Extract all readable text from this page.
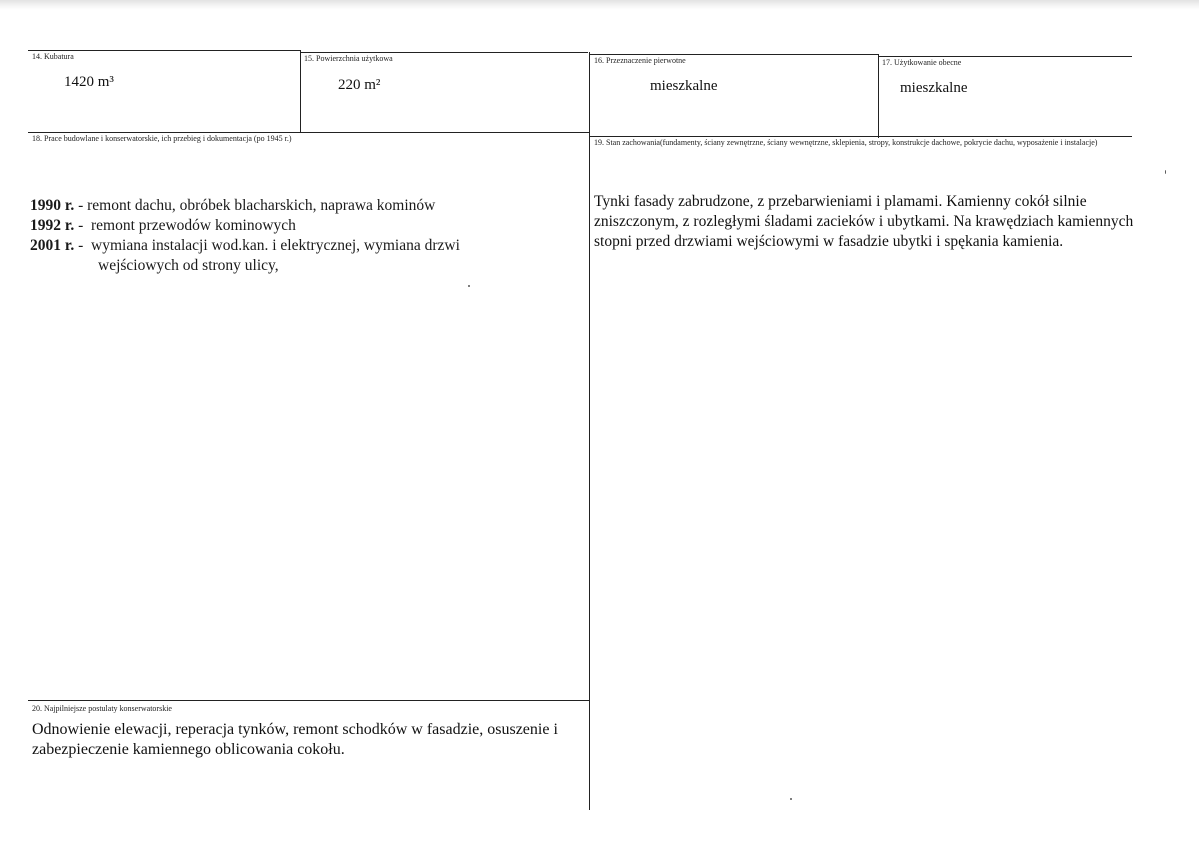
14. Kubatura
1420 m³
15. Powierzchnia użytkowa
220 m²
16. Przeznaczenie pierwotne
mieszkalne
17. Użytkowanie obecne
mieszkalne
18. Prace budowlane i konserwatorskie, ich przebieg i dokumentacja (po 1945 r.)
1990 r. - remont dachu, obróbek blacharskich, naprawa kominów
1992 r. - remont przewodów kominowych
2001 r. - wymiana instalacji wod.kan. i elektrycznej, wymiana drzwi
wejściowych od strony ulicy,
19. Stan zachowania(fundamenty, ściany zewnętrzne, ściany wewnętrzne, sklepienia, stropy, konstrukcje dachowe, pokrycie dachu, wyposażenie i instalacje)
Tynki fasady zabrudzone, z przebarwieniami i plamami. Kamienny cokół silnie zniszczonym, z rozległymi śladami zacieków i ubytkami. Na krawędziach kamiennych stopni przed drzwiami wejściowymi w fasadzie ubytki i spękania kamienia.
20. Najpilniejsze postulaty konserwatorskie
Odnowienie elewacji, reperacja tynków, remont schodków w fasadzie, osuszenie i zabezpieczenie kamiennego oblicowania cokołu.
